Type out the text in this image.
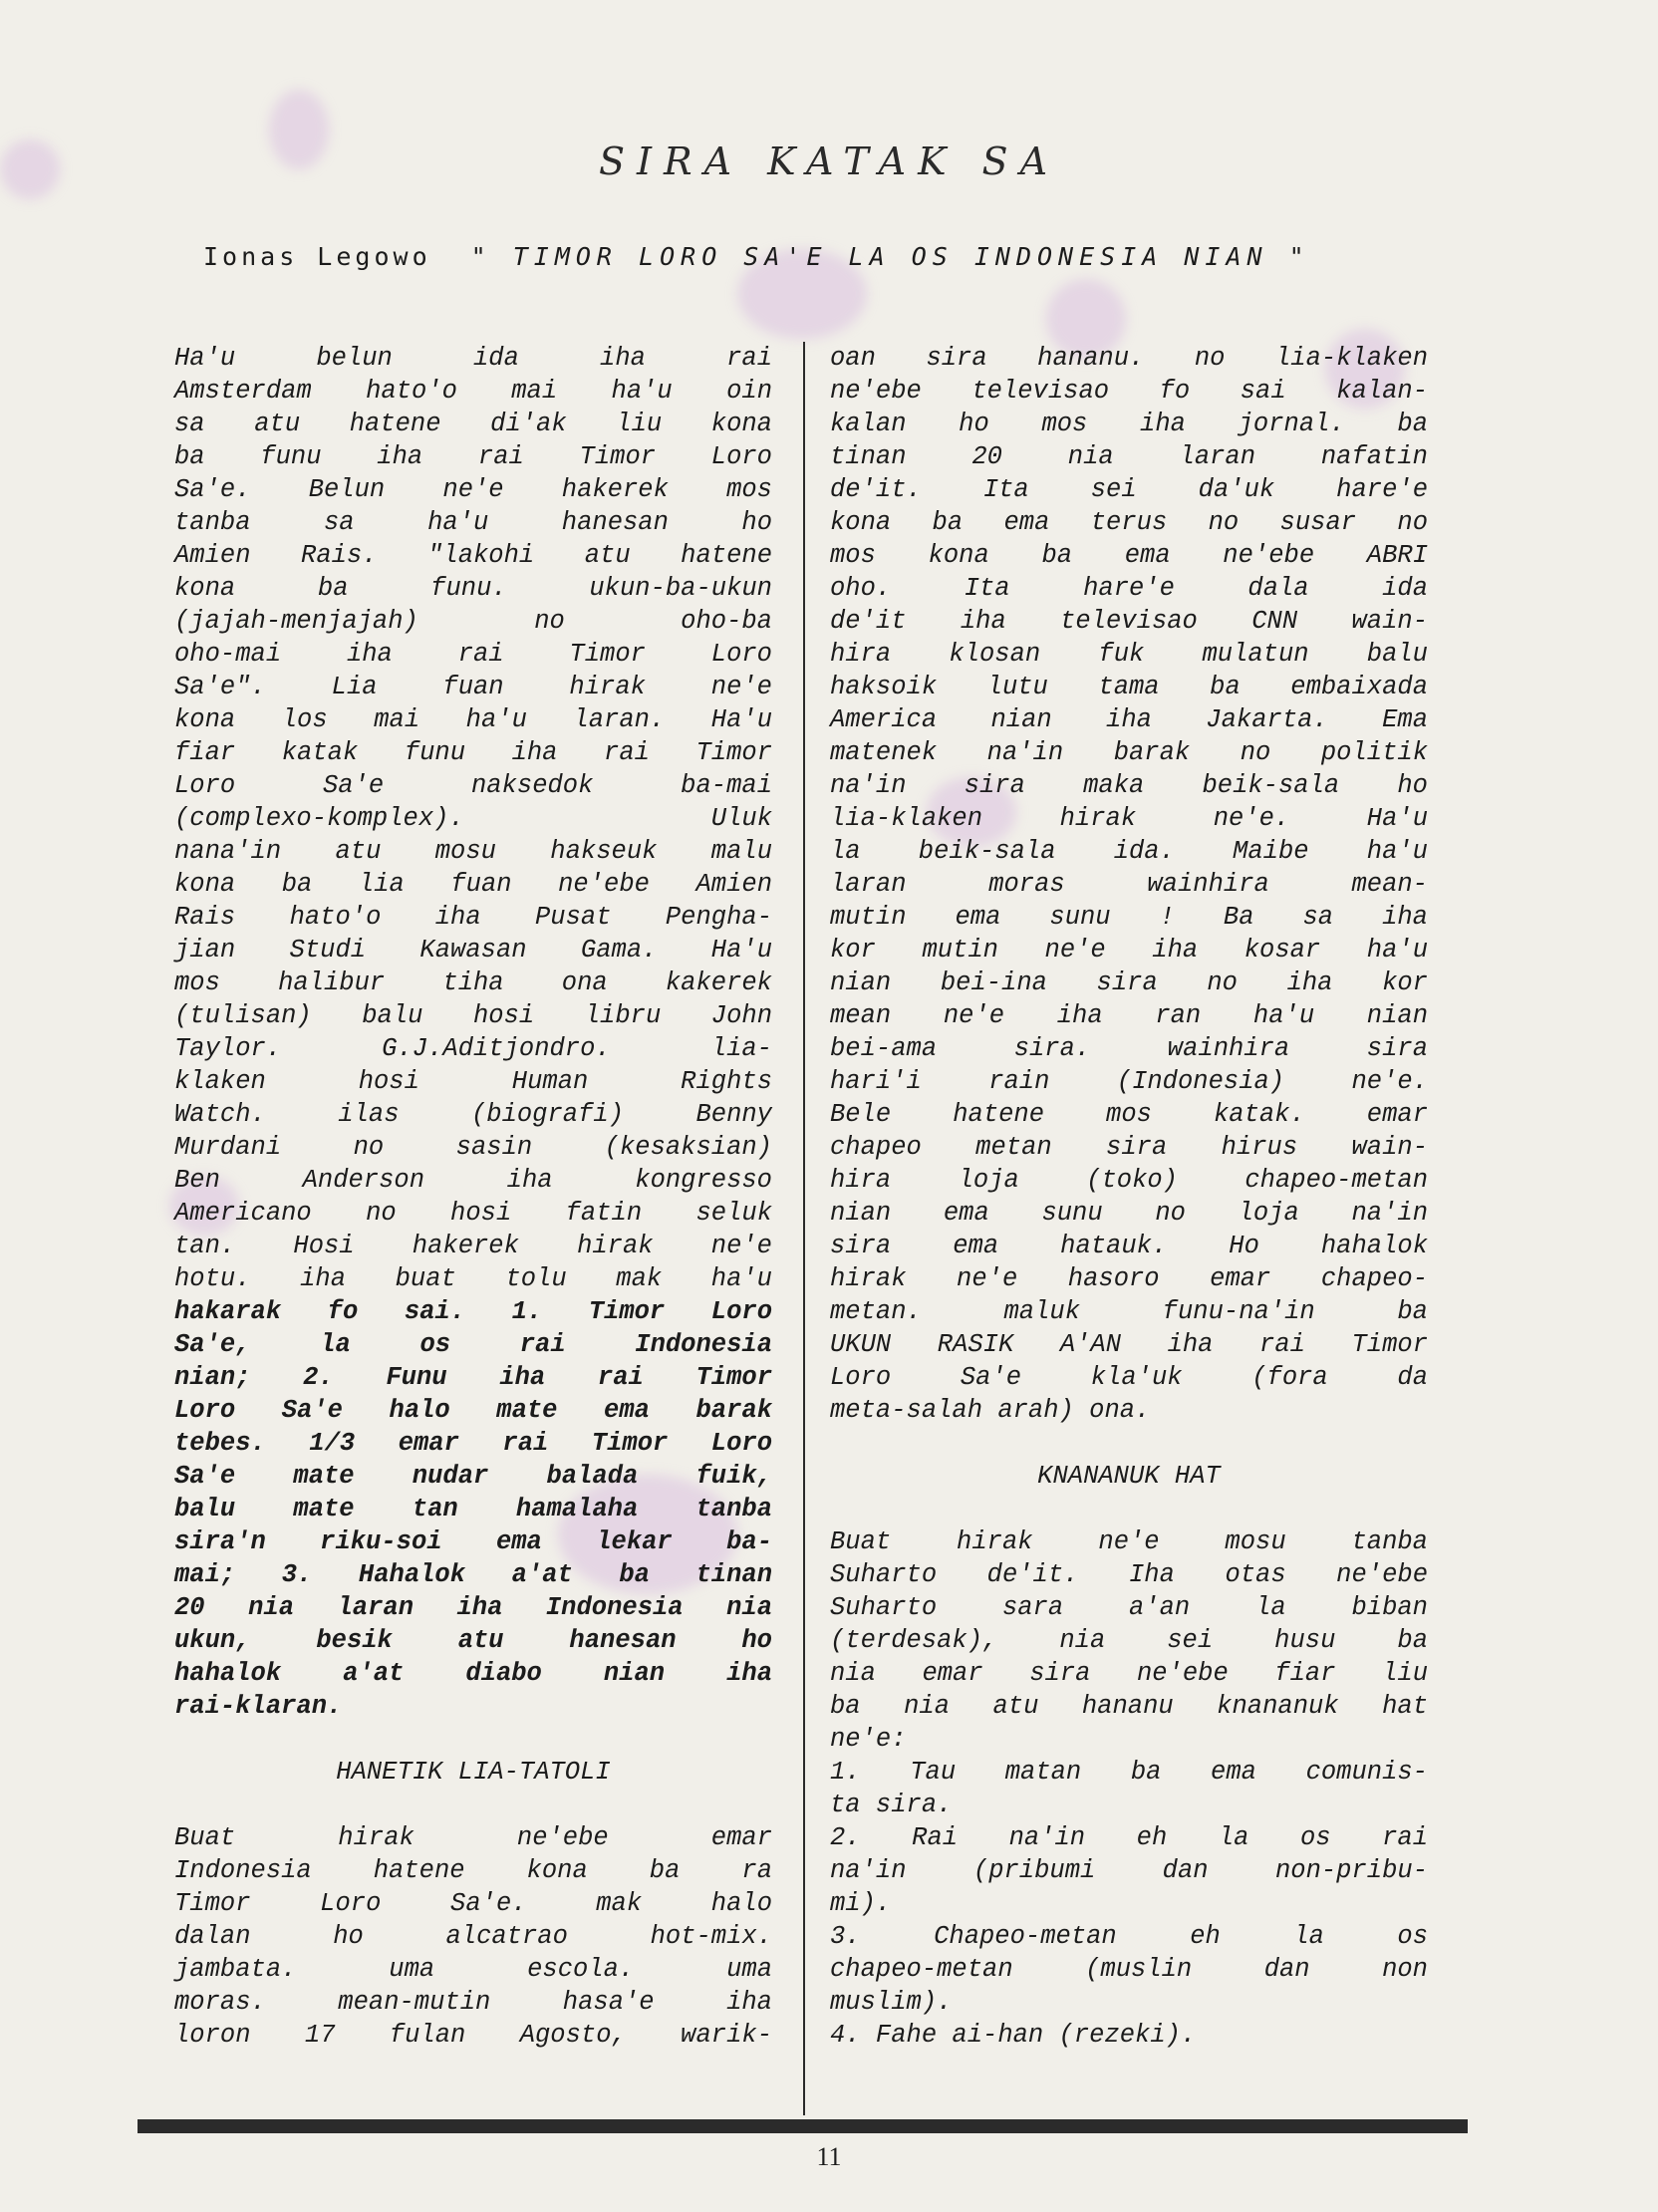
SIRA KATAK SA
Ionas Legowo " TIMOR LORO SA'E LA OS INDONESIA NIAN "

Ha'u belun ida iha rai

Amsterdam hato'o mai ha'u oin

sa atu hatene di'ak liu kona

ba funu iha rai Timor Loro

Sa'e. Belun ne'e hakerek mos

tanba sa ha'u hanesan ho

Amien Rais. "lakohi atu hatene

kona ba funu. ukun-ba-ukun

(jajah-menjajah) no oho-ba

oho-mai iha rai Timor Loro

Sa'e". Lia fuan hirak ne'e

kona los mai ha'u laran. Ha'u

fiar katak funu iha rai Timor

Loro Sa'e naksedok ba-mai

(complexo-komplex). Uluk

nana'in atu mosu hakseuk malu

kona ba lia fuan ne'ebe Amien

Rais hato'o iha Pusat Pengha-

jian Studi Kawasan Gama. Ha'u

mos halibur tiha ona kakerek

(tulisan) balu hosi libru John

Taylor. G.J.Aditjondro. lia-

klaken hosi Human Rights

Watch. ilas (biografi) Benny

Murdani no sasin (kesaksian)

Ben Anderson iha kongresso

Americano no hosi fatin seluk

tan. Hosi hakerek hirak ne'e

hotu. iha buat tolu mak ha'u

hakarak fo sai. 1. Timor Loro

Sa'e, la os rai Indonesia

nian; 2. Funu iha rai Timor

Loro Sa'e halo mate ema barak

tebes. 1/3 emar rai Timor Loro

Sa'e mate nudar balada fuik,

balu mate tan hamalaha tanba

sira'n riku-soi ema lekar ba-

mai; 3. Hahalok a'at ba tinan

20 nia laran iha Indonesia nia

ukun, besik atu hanesan ho

hahalok a'at diabo nian iha

rai-klaran.

HANETIK LIA-TATOLI

Buat hirak ne'ebe emar

Indonesia hatene kona ba ra

Timor Loro Sa'e. mak halo

dalan ho alcatrao hot-mix.

jambata. uma escola. uma

moras. mean-mutin hasa'e iha

loron 17 fulan Agosto, warik-

oan sira hananu. no lia-klaken

ne'ebe televisao fo sai kalan-

kalan ho mos iha jornal. ba

tinan 20 nia laran nafatin

de'it. Ita sei da'uk hare'e

kona ba ema terus no susar no

mos kona ba ema ne'ebe ABRI

oho. Ita hare'e dala ida

de'it iha televisao CNN wain-

hira klosan fuk mulatun balu

haksoik lutu tama ba embaixada

America nian iha Jakarta. Ema

matenek na'in barak no politik

na'in sira maka beik-sala ho

lia-klaken hirak ne'e. Ha'u

la beik-sala ida. Maibe ha'u

laran moras wainhira mean-

mutin ema sunu ! Ba sa iha

kor mutin ne'e iha kosar ha'u

nian bei-ina sira no iha kor

mean ne'e iha ran ha'u nian

bei-ama sira. wainhira sira

hari'i rain (Indonesia) ne'e.

Bele hatene mos katak. emar

chapeo metan sira hirus wain-

hira loja (toko) chapeo-metan

nian ema sunu no loja na'in

sira ema hatauk. Ho hahalok

hirak ne'e hasoro emar chapeo-

metan. maluk funu-na'in ba

UKUN RASIK A'AN iha rai Timor

Loro Sa'e kla'uk (fora da

meta-salah arah) ona.

KNANANUK HAT

Buat hirak ne'e mosu tanba

Suharto de'it. Iha otas ne'ebe

Suharto sara a'an la biban

(terdesak), nia sei husu ba

nia emar sira ne'ebe fiar liu

ba nia atu hananu knananuk hat

ne'e:

1. Tau matan ba ema comunis-

ta sira.

2. Rai na'in eh la os rai

na'in (pribumi dan non-pribu-

mi).

3. Chapeo-metan eh la os

chapeo-metan (muslin dan non

muslim).

4. Fahe ai-han (rezeki).

11
